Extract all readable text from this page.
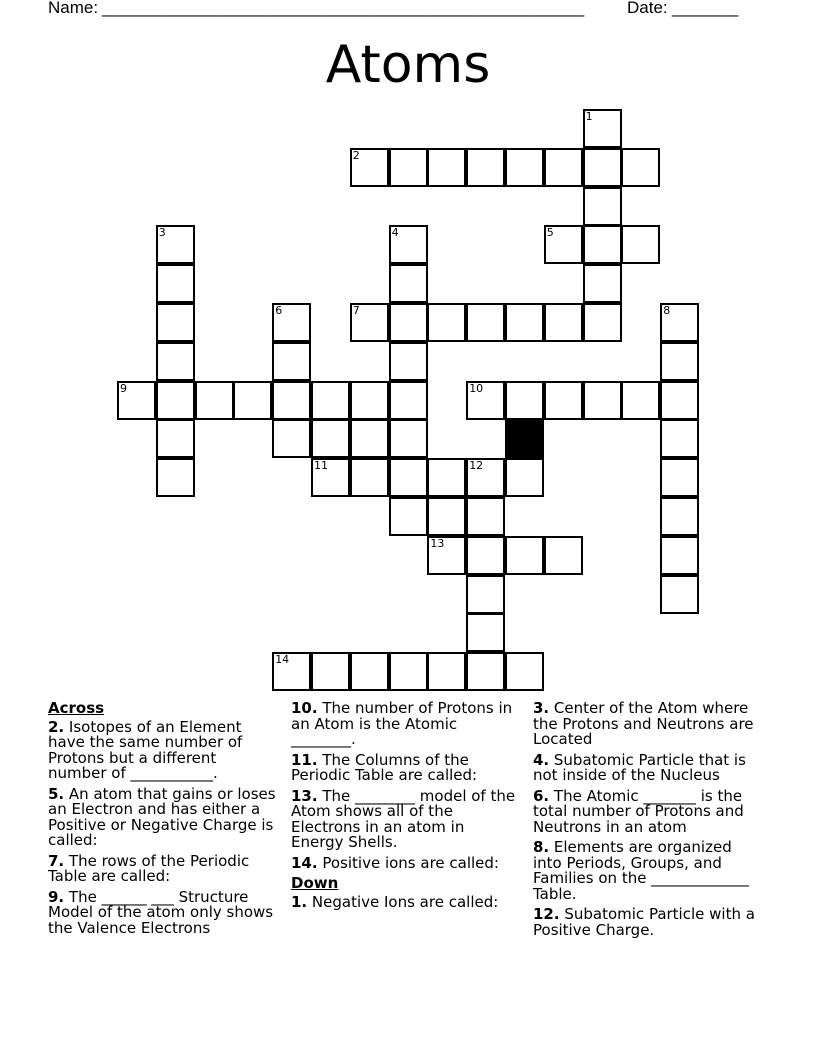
Name: ___________________________________________________	Date: _______
Atoms
1
2
3	4	5
6	7	8
9	10
11	12
13
14
Across

2. Isotopes of an Element have the same number of Protons but a different number of ___________.

5. An atom that gains or loses an Electron and has either a Positive or Negative Charge is called:

7. The rows of the Periodic Table are called:

9. The ______ ___ Structure Model of the atom only shows the Valence Electrons

10. The number of Protons in an Atom is the Atomic ________.

11. The Columns of the Periodic Table are called:

13. The ________ model of the Atom shows all of the Electrons in an atom in Energy Shells.

14. Positive ions are called:

Down

1. Negative Ions are called:

3. Center of the Atom where the Protons and Neutrons are Located

4. Subatomic Particle that is not inside of the Nucleus

6. The Atomic _______ is the total number of Protons and Neutrons in an atom

8. Elements are organized into Periods, Groups, and Families on the _____________ Table.

12. Subatomic Particle with a Positive Charge.
